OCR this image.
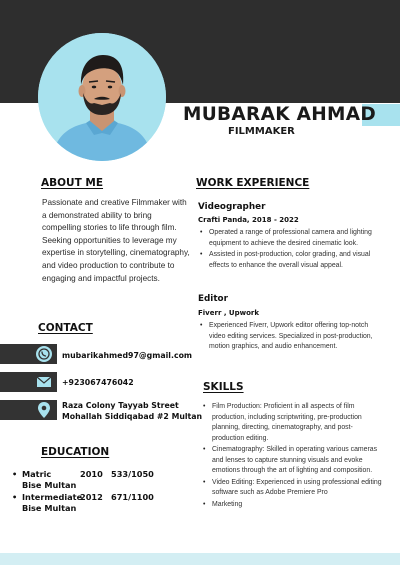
MUBARAK AHMAD
FILMMAKER
ABOUT ME
Passionate and creative Filmmaker with a demonstrated ability to bring compelling stories to life through film. Seeking opportunities to leverage my expertise in storytelling, cinematography, and video production to contribute to engaging and impactful projects.
CONTACT
mubarikahmed97@gmail.com
+923067476042
Raza Colony Tayyab Street
Mohallah Siddiqabad #2 Multan
EDUCATION
• Matric	2010 533/1050
Bise Multan
• Intermediate
2012 671/1100
Bise Multan
WORK EXPERIENCE
Videographer
Crafti Panda, 2018 - 2022
• Operated a range of professional camera and lighting equipment to achieve the desired cinematic look.
• Assisted in post-production, color grading, and visual effects to enhance the overall visual appeal.
Editor
Fiverr , Upwork
• Experienced Fiverr, Upwork editor offering top-notch video editing services. Specialized in post-production, motion graphics, and audio enhancement.
SKILLS
• Film Production: Proficient in all aspects of film production, including scriptwriting, pre-production planning, directing, cinematography, and post-production editing.
• Cinematography: Skilled in operating various cameras and lenses to capture stunning visuals and evoke emotions through the art of lighting and composition.
• Video Editing: Experienced in using professional editing software such as Adobe Premiere Pro
• Marketing
